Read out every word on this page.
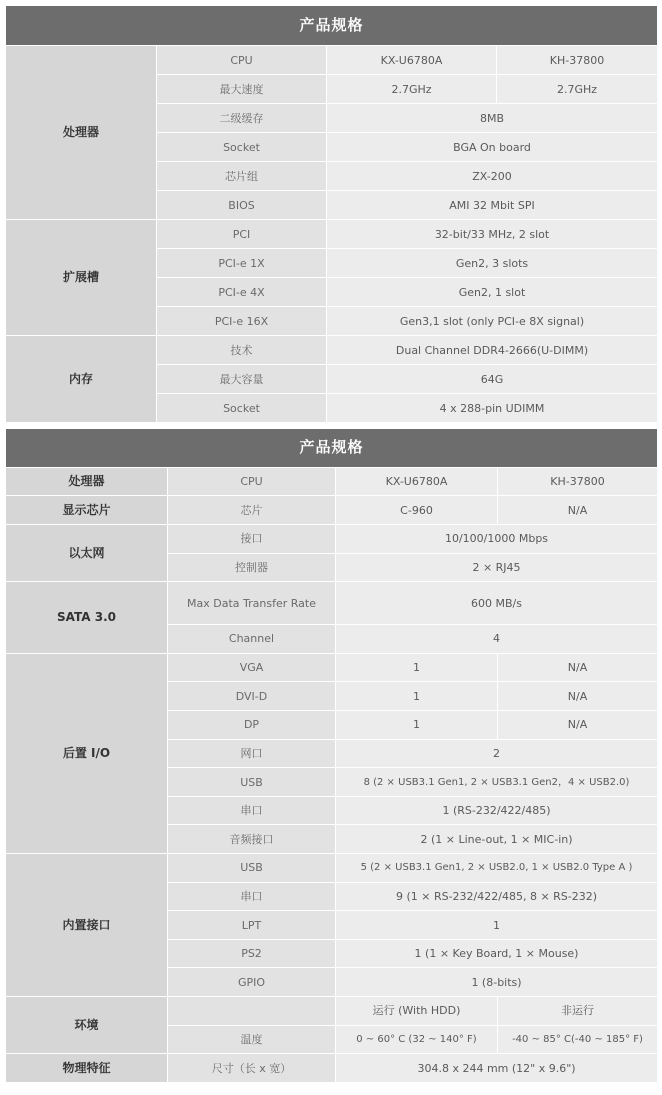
产品规格			
处理器	CPU	KX-U6780A	KH-37800
	最大速度	2.7GHz	2.7GHz
	二级缓存	8MB	
	Socket	BGA On board	
	芯片组	ZX-200	
	BIOS	AMI 32 Mbit SPI	
扩展槽	PCI	32-bit/33 MHz, 2 slot	
	PCI-e 1X	Gen2, 3 slots	
	PCI-e 4X	Gen2, 1 slot	
	PCI-e 16X	Gen3,1 slot (only PCI-e 8X signal)	
内存	技术	Dual Channel DDR4-2666(U-DIMM)	
	最大容量	64G	
	Socket	4 x 288-pin UDIMM	
产品规格			
处理器	CPU	KX-U6780A	KH-37800
显示芯片	芯片	C-960	N/A
以太网	接口	10/100/1000 Mbps	
	控制器	2 × RJ45	
SATA 3.0	Max Data Transfer Rate	600 MB/s	
	Channel	4	
后置 I/O	VGA	1	N/A
	DVI-D	1	N/A
	DP	1	N/A
	网口	2	
	USB	8 (2 × USB3.1 Gen1, 2 × USB3.1 Gen2，4 × USB2.0)	
	串口	1 (RS-232/422/485)	
	音频接口	2 (1 × Line-out, 1 × MIC-in)	
内置接口	USB	5 (2 × USB3.1 Gen1, 2 × USB2.0, 1 × USB2.0 Type A )	
	串口	9 (1 × RS-232/422/485, 8 × RS-232)	
	LPT	1	
	PS2	1 (1 × Key Board, 1 × Mouse)	
	GPIO	1 (8-bits)	
环境		运行 (With HDD)	非运行
	温度	0 ~ 60° C (32 ~ 140° F)	-40 ~ 85° C(-40 ~ 185° F)
物理特征	尺寸（长 x 宽）	304.8 x 244 mm (12" x 9.6")	
